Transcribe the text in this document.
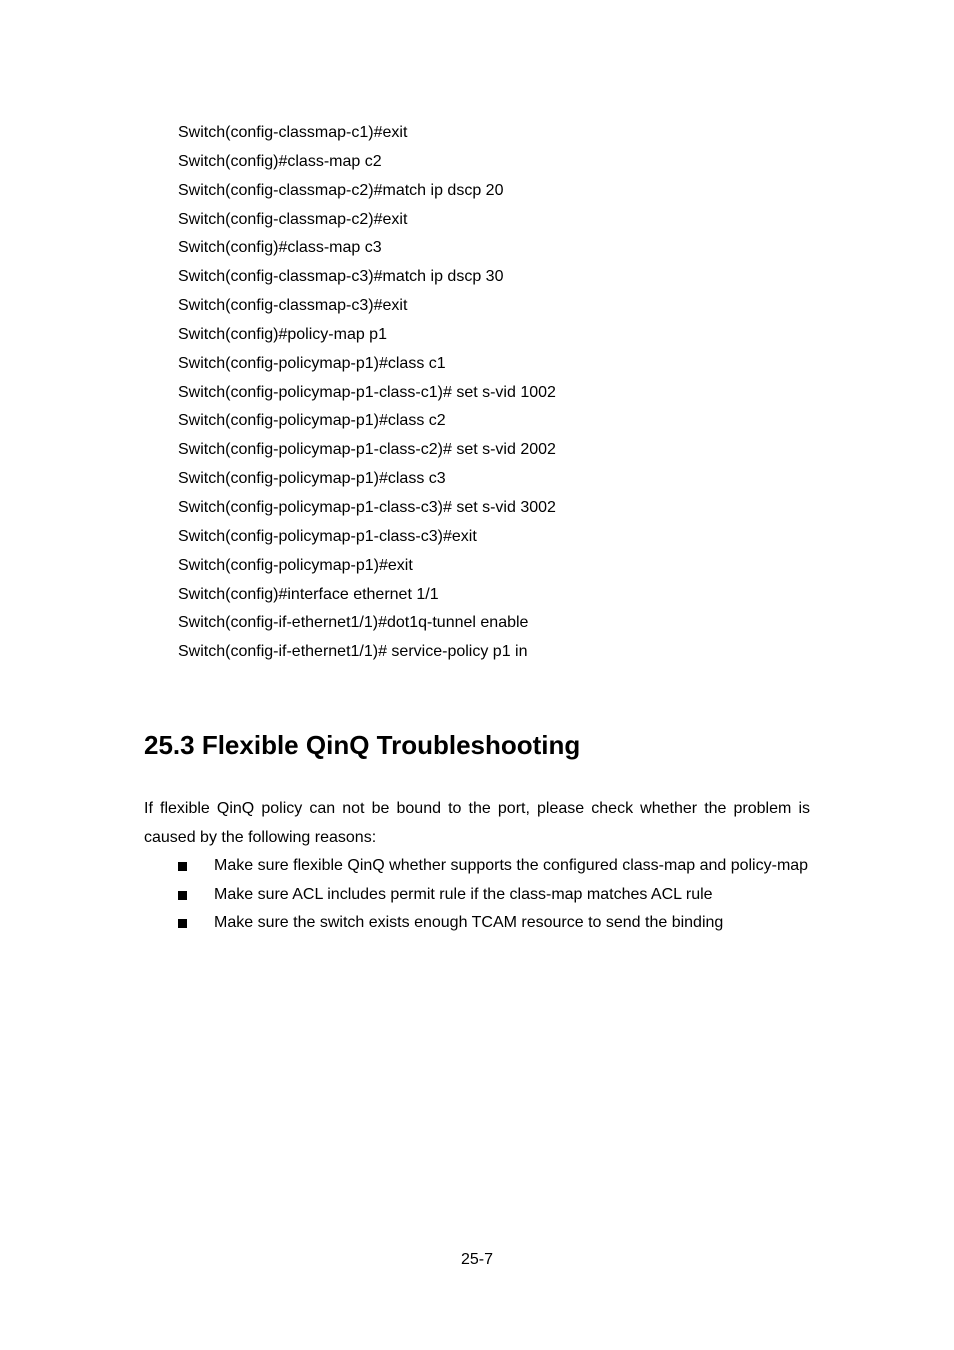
Switch(config-classmap-c1)#exit
Switch(config)#class-map c2
Switch(config-classmap-c2)#match ip dscp 20
Switch(config-classmap-c2)#exit
Switch(config)#class-map c3
Switch(config-classmap-c3)#match ip dscp 30
Switch(config-classmap-c3)#exit
Switch(config)#policy-map p1
Switch(config-policymap-p1)#class c1
Switch(config-policymap-p1-class-c1)# set s-vid 1002
Switch(config-policymap-p1)#class c2
Switch(config-policymap-p1-class-c2)# set s-vid 2002
Switch(config-policymap-p1)#class c3
Switch(config-policymap-p1-class-c3)# set s-vid 3002
Switch(config-policymap-p1-class-c3)#exit
Switch(config-policymap-p1)#exit
Switch(config)#interface ethernet 1/1
Switch(config-if-ethernet1/1)#dot1q-tunnel enable
Switch(config-if-ethernet1/1)# service-policy p1 in
25.3 Flexible QinQ Troubleshooting

If flexible QinQ policy can not be bound to the port, please check whether the problem is caused by the following reasons:

Make sure flexible QinQ whether supports the configured class-map and policy-map
Make sure ACL includes permit rule if the class-map matches ACL rule
Make sure the switch exists enough TCAM resource to send the binding
25-7
